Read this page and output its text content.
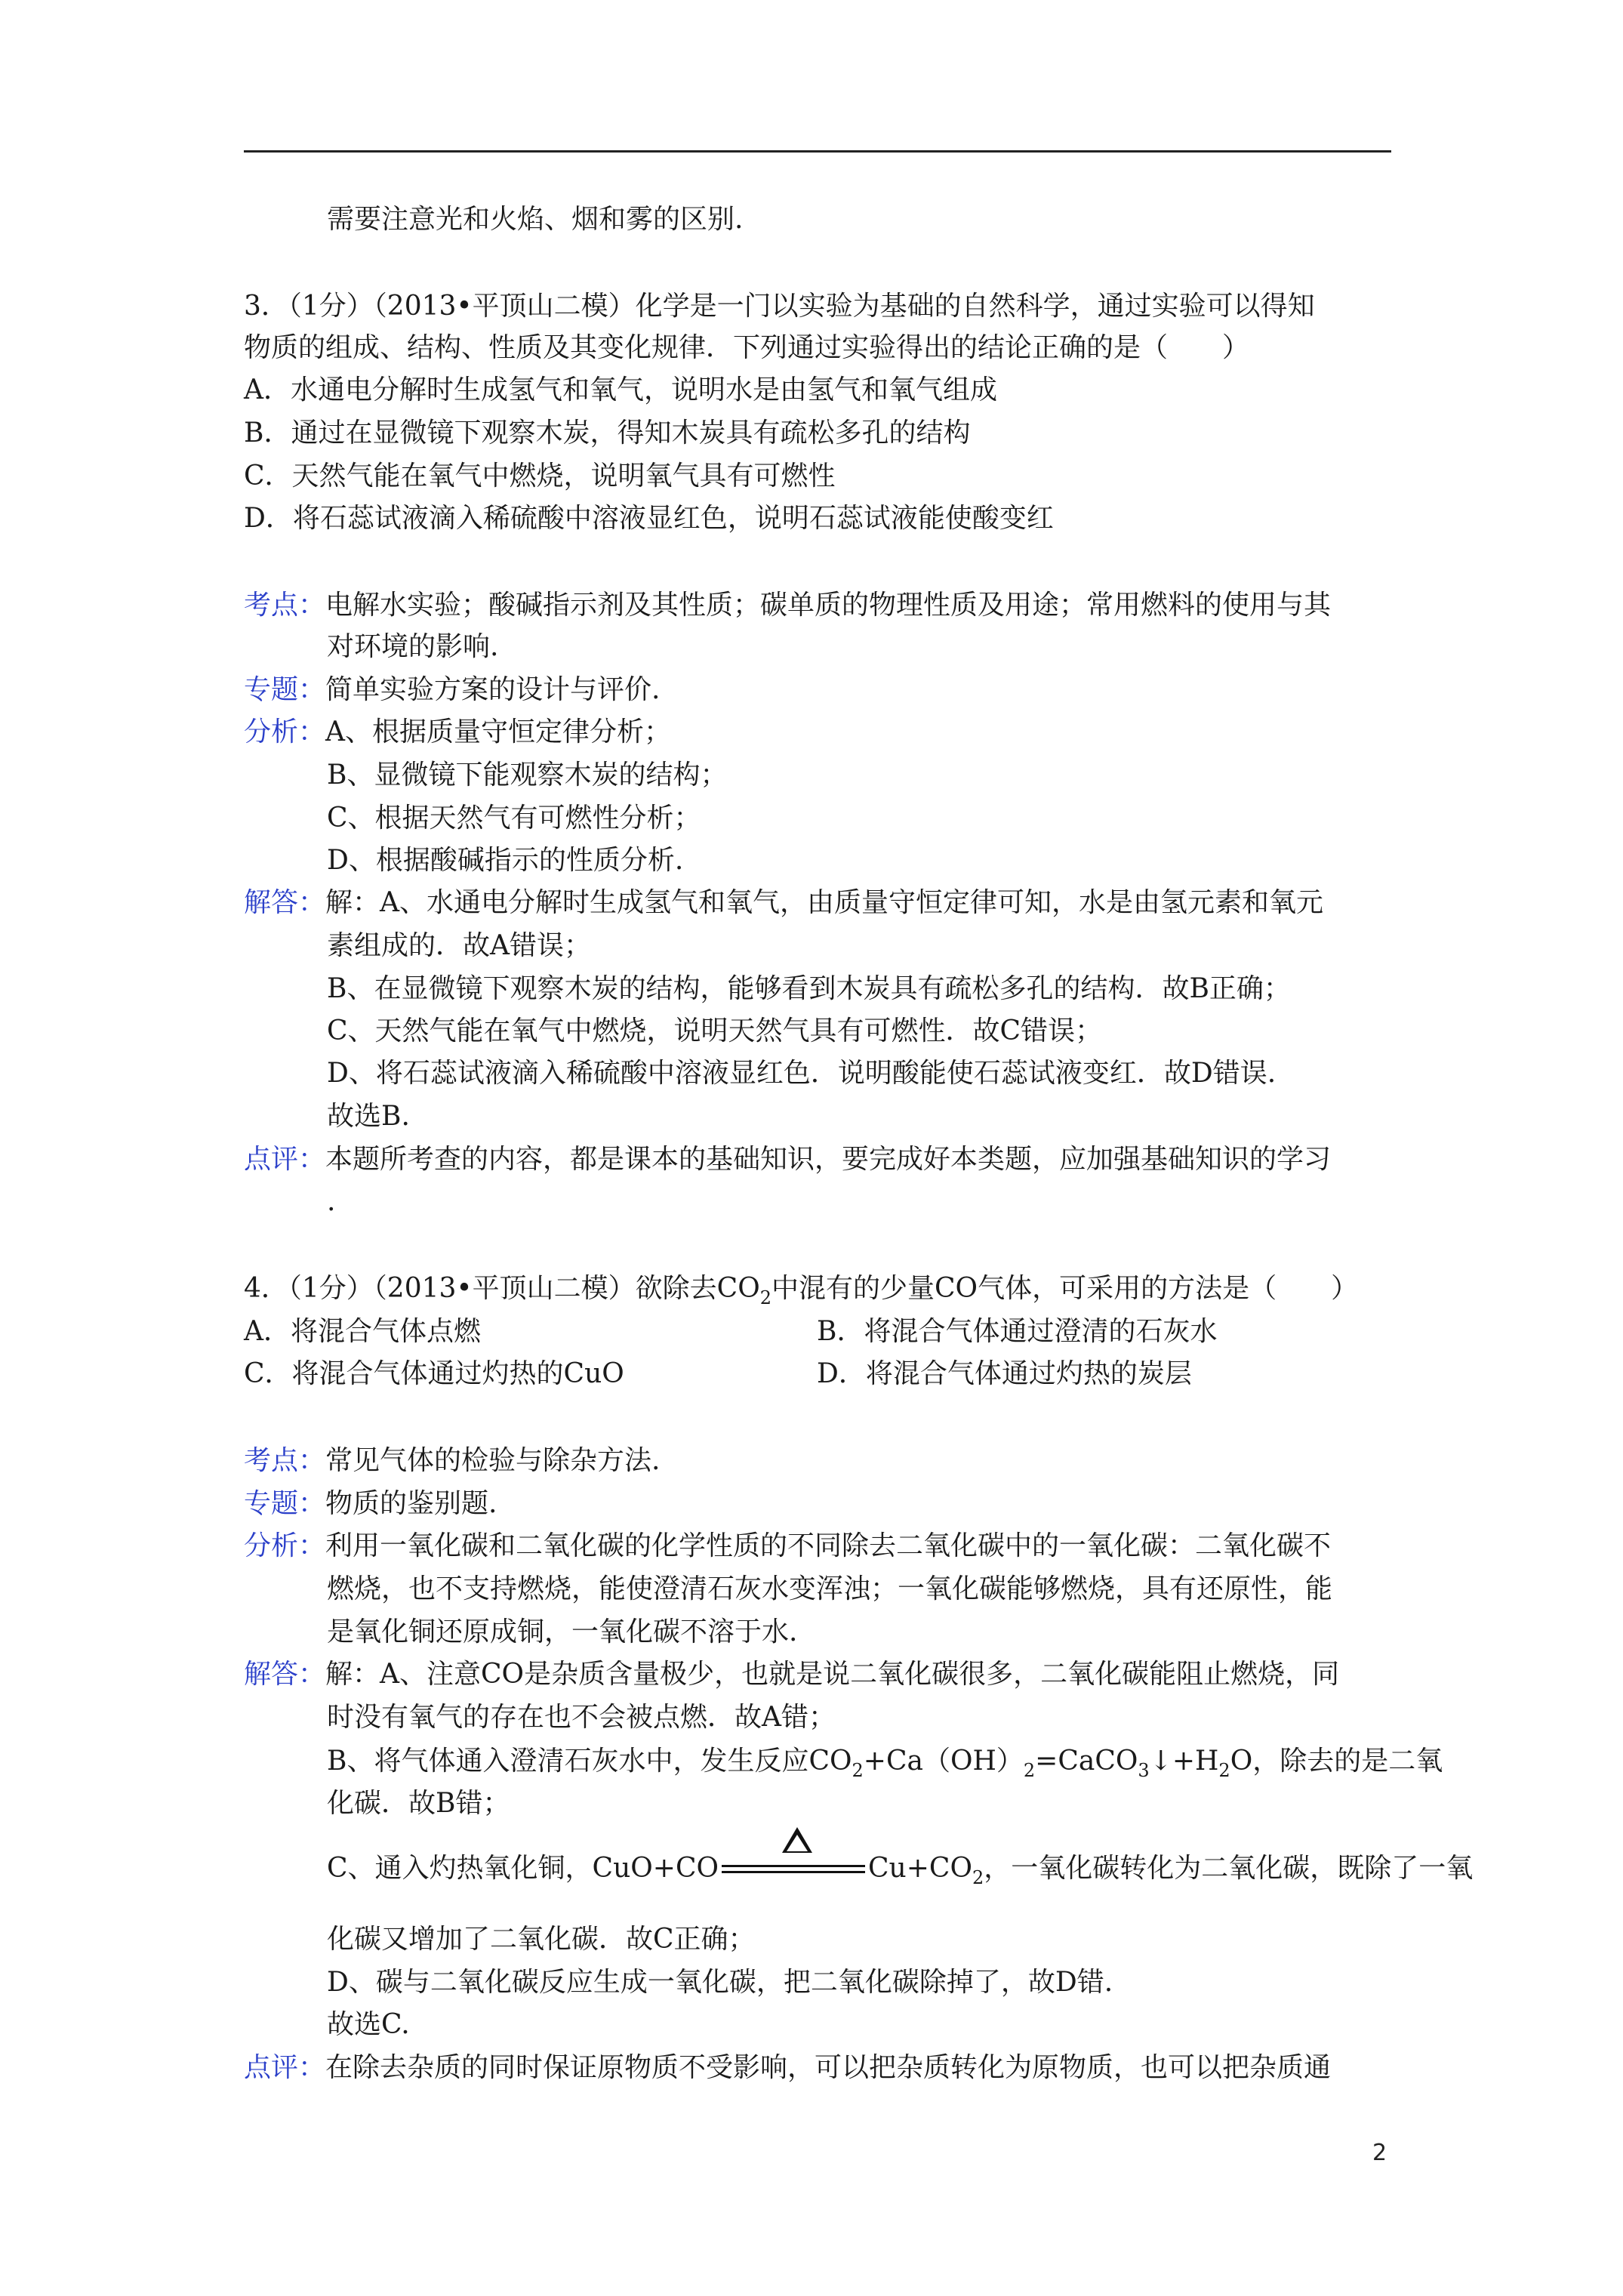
需要注意光和火焰、烟和雾的区别.
3．（1分）（2013•平顶山二模）化学是一门以实验为基础的自然科学，通过实验可以得知
物质的组成、结构、性质及其变化规律．下列通过实验得出的结论正确的是（　　）
A．水通电分解时生成氢气和氧气，说明水是由氢气和氧气组成
B．通过在显微镜下观察木炭，得知木炭具有疏松多孔的结构
C．天然气能在氧气中燃烧，说明氧气具有可燃性
D．将石蕊试液滴入稀硫酸中溶液显红色，说明石蕊试液能使酸变红
考点：电解水实验；酸碱指示剂及其性质；碳单质的物理性质及用途；常用燃料的使用与其
对环境的影响.
专题：简单实验方案的设计与评价.
分析：A、根据质量守恒定律分析；
B、显微镜下能观察木炭的结构；
C、根据天然气有可燃性分析；
D、根据酸碱指示的性质分析.
解答：解：A、水通电分解时生成氢气和氧气，由质量守恒定律可知，水是由氢元素和氧元
素组成的．故A错误；
B、在显微镜下观察木炭的结构，能够看到木炭具有疏松多孔的结构．故B正确；
C、天然气能在氧气中燃烧，说明天然气具有可燃性．故C错误；
D、将石蕊试液滴入稀硫酸中溶液显红色．说明酸能使石蕊试液变红．故D错误.
故选B.
点评：本题所考查的内容，都是课本的基础知识，要完成好本类题，应加强基础知识的学习
.
4．（1分）（2013•平顶山二模）欲除去$CO_2$中混有的少量CO气体，可采用的方法是（　　）
A．将混合气体点燃	B．将混合气体通过澄清的石灰水
C．将混合气体通过灼热的CuO	D．将混合气体通过灼热的炭层
考点：常见气体的检验与除杂方法.
专题：物质的鉴别题.
分析：利用一氧化碳和二氧化碳的化学性质的不同除去二氧化碳中的一氧化碳：二氧化碳不
燃烧，也不支持燃烧，能使澄清石灰水变浑浊；一氧化碳能够燃烧，具有还原性，能
是氧化铜还原成铜，一氧化碳不溶于水.
解答：解：A、注意CO是杂质含量极少，也就是说二氧化碳很多，二氧化碳能阻止燃烧，同
时没有氧气的存在也不会被点燃．故A错；
B、将气体通入澄清石灰水中，发生反应$CO_2+Ca(OH)_2=CaCO_3↓+H_2O$，除去的是二氧
化碳．故B错；
C、通入灼热氧化铜，CuO+CO	$Cu+CO_2$，一氧化碳转化为二氧化碳，既除了一氧
化碳又增加了二氧化碳．故C正确；
D、碳与二氧化碳反应生成一氧化碳，把二氧化碳除掉了，故D错.
故选C.
点评：在除去杂质的同时保证原物质不受影响，可以把杂质转化为原物质，也可以把杂质通
2
